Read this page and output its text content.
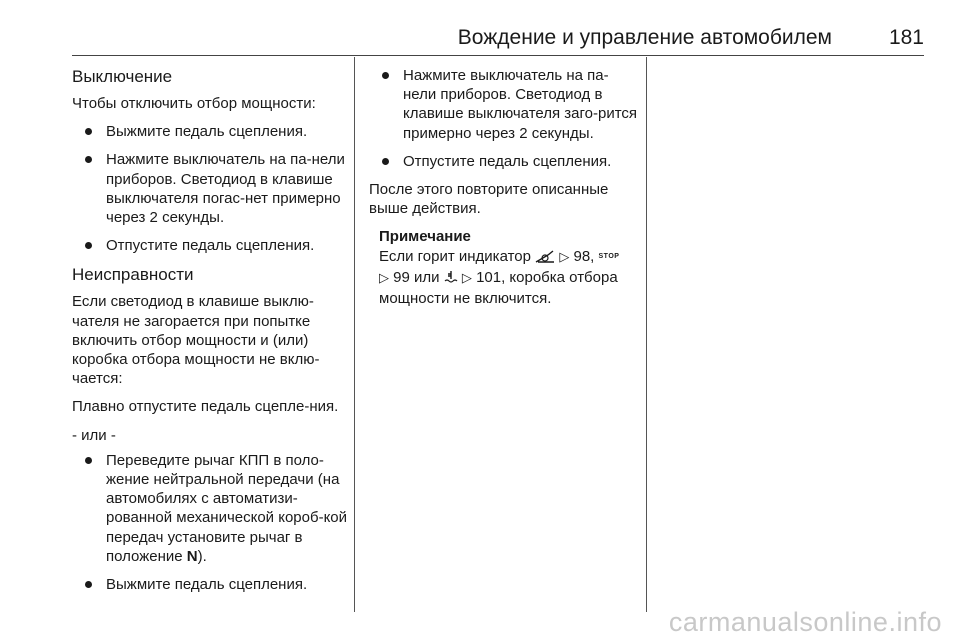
Вождение и управление автомобилем	181
Выключение

Чтобы отключить отбор мощности:

Выжмите педаль сцепления.
Нажмите выключатель на па-нели приборов. Светодиод в клавише выключателя погас-нет примерно через 2 секунды.
Отпустите педаль сцепления.
Неисправности

Если светодиод в клавише выклю-чателя не загорается при попытке включить отбор мощности и (или) коробка отбора мощности не вклю-чается:

Плавно отпустите педаль сцепле-ния.

- или -

Переведите рычаг КПП в поло-жение нейтральной передачи (на автомобилях с автоматизи-рованной механической короб-кой передач установите рычаг в положение N).
Выжмите педаль сцепления.
Нажмите выключатель на па-нели приборов. Светодиод в клавише выключателя заго-рится примерно через 2 секунды.
Отпустите педаль сцепления.

После этого повторите описанные выше действия.

Примечание
Если горит индикатор  ▷ 98, $^{STOP}$
▷ 99 или ▷ 101, коробка отбора мощности не включится.
carmanualsonline.info
